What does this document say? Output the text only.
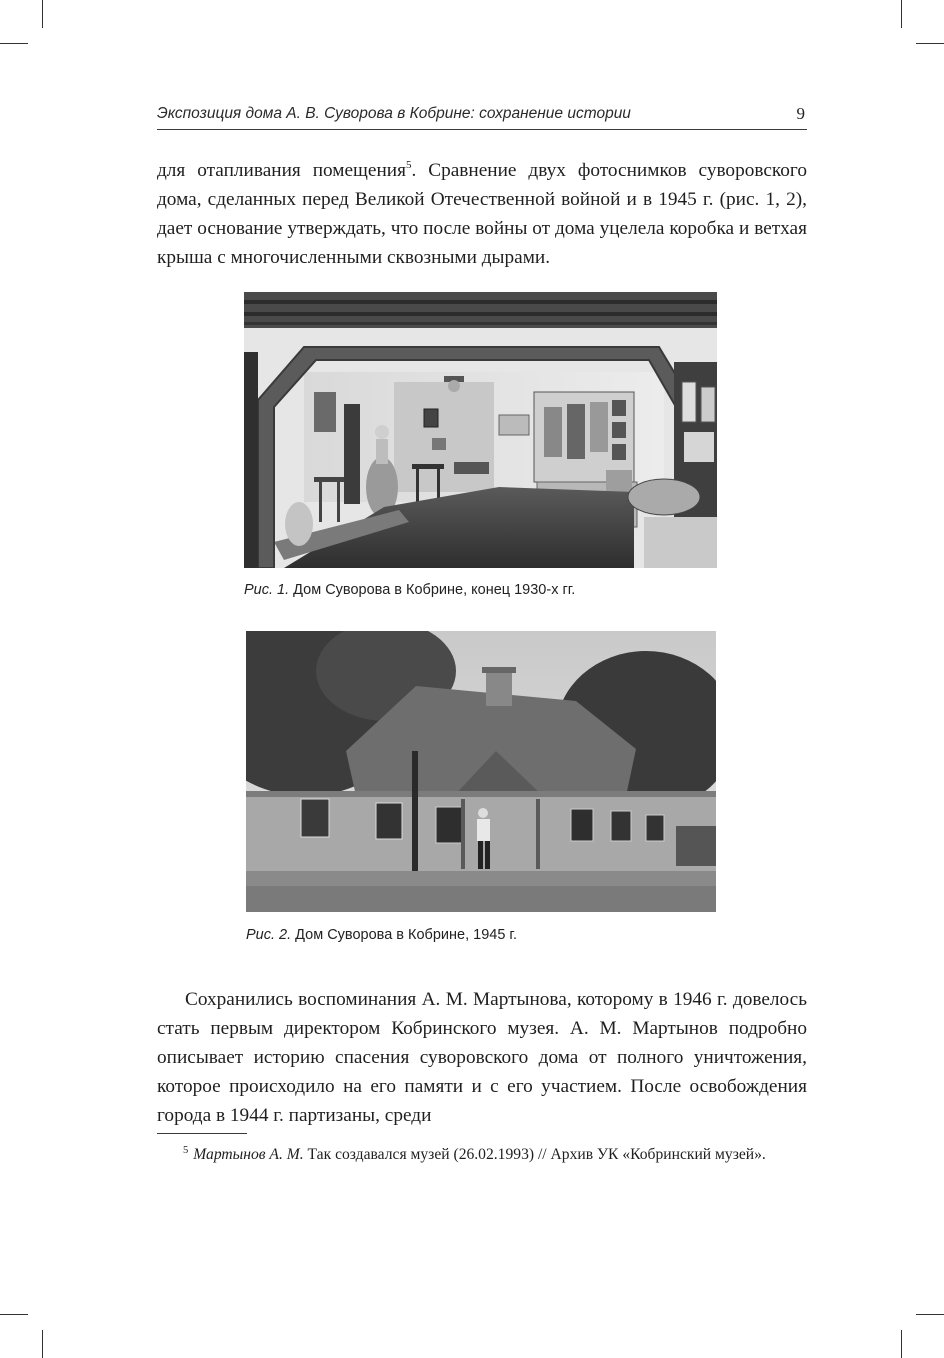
Экспозиция дома А. В. Суворова в Кобрине: сохранение истории	9
для отапливания помещения$^5$. Сравнение двух фотоснимков суворовского дома, сделанных перед Великой Отечественной войной и в 1945 г. (рис. 1, 2), дает основание утверждать, что после войны от дома уцелела коробка и ветхая крыша с многочисленными сквозными дырами.
Рис. 1. Дом Суворова в Кобрине, конец 1930-х гг.
Рис. 2. Дом Суворова в Кобрине, 1945 г.
Сохранились воспоминания А. М. Мартынова, которому в 1946 г. довелось стать первым директором Кобринского музея. А. М. Мартынов подробно описывает историю спасения суворовского дома от полного уничтожения, которое происходило на его памяти и с его участием. После освобождения города в 1944 г. партизаны, среди
$^5$ Мартынов А. М. Так создавался музей (26.02.1993) // Архив УК «Кобринский музей».
